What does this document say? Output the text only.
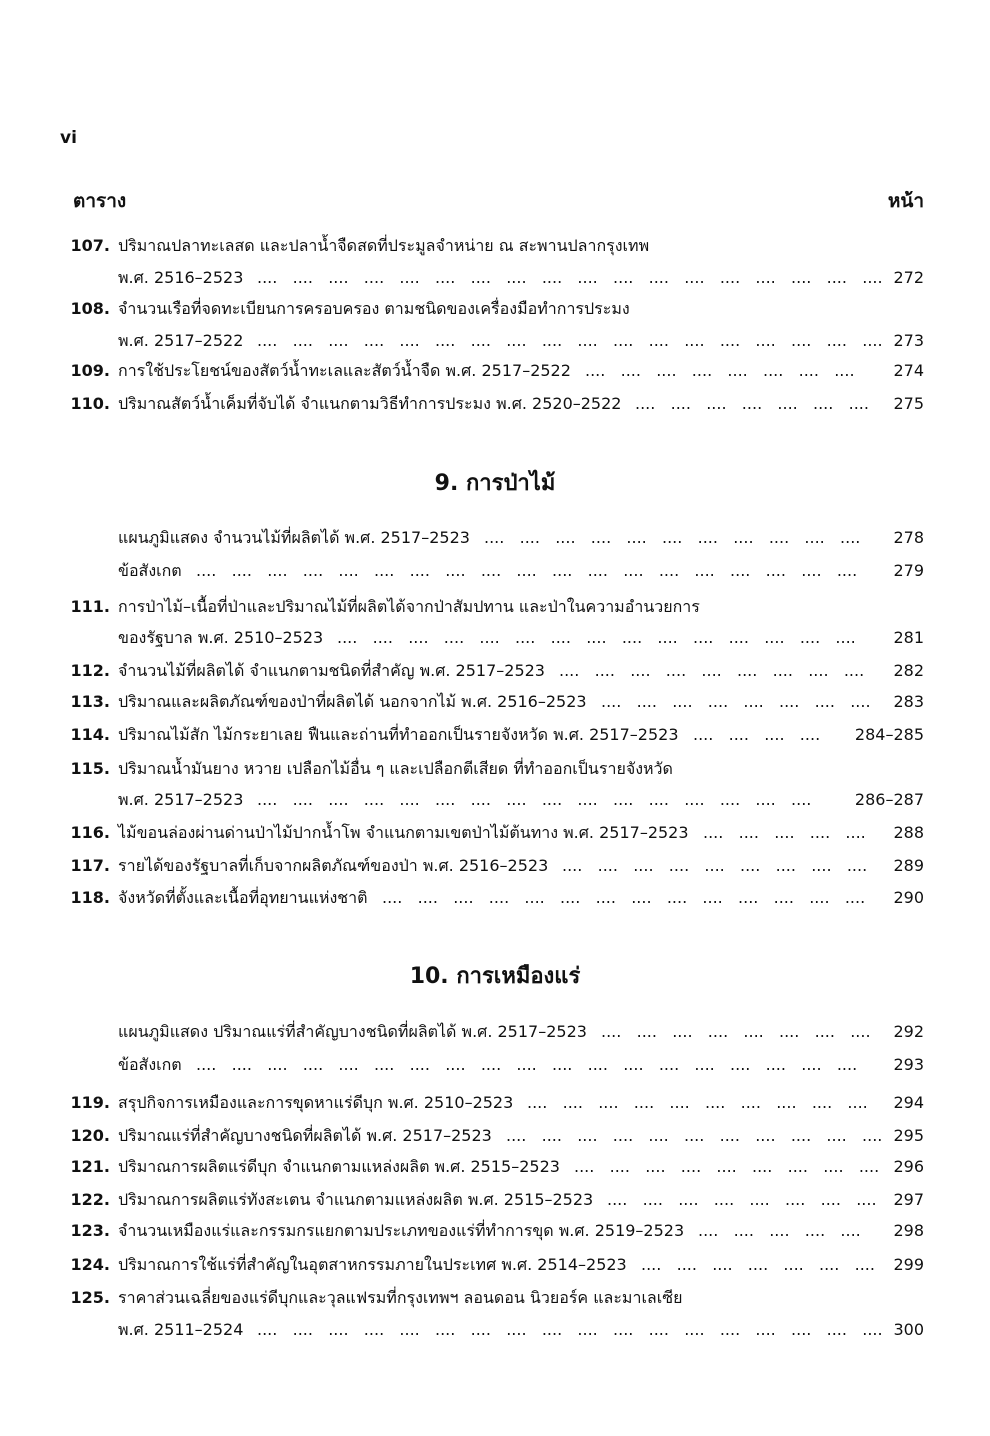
vi
ตาราง	หน้า
107. ปริมาณปลาทะเลสด และปลาน้ำจืดสดที่ประมูลจำหน่าย ณ สะพานปลากรุงเทพ
พ.ศ. 2516–2523 ....   ....   ....   ....   ....   ....   ....   ....   ....   ....   ....   ....   ....   ....   ....   ....   ....   .... 272
108. จำนวนเรือที่จดทะเบียนการครอบครอง ตามชนิดของเครื่องมือทำการประมง
พ.ศ. 2517–2522 ....   ....   ....   ....   ....   ....   ....   ....   ....   ....   ....   ....   ....   ....   ....   ....   ....   .... 273
109. การใช้ประโยชน์ของสัตว์น้ำทะเลและสัตว์น้ำจืด พ.ศ. 2517–2522 ....   ....   ....   ....   ....   ....   ....   .... 274
110. ปริมาณสัตว์น้ำเค็มที่จับได้ จำแนกตามวิธีทำการประมง พ.ศ. 2520–2522 ....   ....   ....   ....   ....   ....   .... 275
9. การป่าไม้
แผนภูมิแสดง จำนวนไม้ที่ผลิตได้ พ.ศ. 2517–2523 ....   ....   ....   ....   ....   ....   ....   ....   ....   ....   .... 278
ข้อสังเกต ....   ....   ....   ....   ....   ....   ....   ....   ....   ....   ....   ....   ....   ....   ....   ....   ....   ....   .... 279
111. การป่าไม้–เนื้อที่ป่าและปริมาณไม้ที่ผลิตได้จากป่าสัมปทาน และป่าในความอำนวยการ
ของรัฐบาล พ.ศ. 2510–2523 ....   ....   ....   ....   ....   ....   ....   ....   ....   ....   ....   ....   ....   ....   .... 281
112. จำนวนไม้ที่ผลิตได้ จำแนกตามชนิดที่สำคัญ พ.ศ. 2517–2523 ....   ....   ....   ....   ....   ....   ....   ....   .... 282
113. ปริมาณและผลิตภัณฑ์ของป่าที่ผลิตได้ นอกจากไม้ พ.ศ. 2516–2523 ....   ....   ....   ....   ....   ....   ....   .... 283
114. ปริมาณไม้สัก ไม้กระยาเลย ฟืนและถ่านที่ทำออกเป็นรายจังหวัด พ.ศ. 2517–2523 ....   ....   ....   .... 284–285
115. ปริมาณน้ำมันยาง หวาย เปลือกไม้อื่น ๆ และเปลือกตีเสียด ที่ทำออกเป็นรายจังหวัด
พ.ศ. 2517–2523 ....   ....   ....   ....   ....   ....   ....   ....   ....   ....   ....   ....   ....   ....   ....   ....	286–287
116. ไม้ขอนล่องผ่านด่านป่าไม้ปากน้ำโพ จำแนกตามเขตป่าไม้ต้นทาง พ.ศ. 2517–2523 ....   ....   ....   ....   .... 288
117. รายได้ของรัฐบาลที่เก็บจากผลิตภัณฑ์ของป่า พ.ศ. 2516–2523 ....   ....   ....   ....   ....   ....   ....   ....   .... 289
118. จังหวัดที่ตั้งและเนื้อที่อุทยานแห่งชาติ ....   ....   ....   ....   ....   ....   ....   ....   ....   ....   ....   ....   ....   .... 290
10. การเหมืองแร่
แผนภูมิแสดง ปริมาณแร่ที่สำคัญบางชนิดที่ผลิตได้ พ.ศ. 2517–2523 ....   ....   ....   ....   ....   ....   ....   .... 292
ข้อสังเกต ....   ....   ....   ....   ....   ....   ....   ....   ....   ....   ....   ....   ....   ....   ....   ....   ....   ....   .... 293
119. สรุปกิจการเหมืองและการขุดหาแร่ดีบุก พ.ศ. 2510–2523 ....   ....   ....   ....   ....   ....   ....   ....   ....   .... 294
120. ปริมาณแร่ที่สำคัญบางชนิดที่ผลิตได้ พ.ศ. 2517–2523 ....   ....   ....   ....   ....   ....   ....   ....   ....   ....   .... 295
121. ปริมาณการผลิตแร่ดีบุก จำแนกตามแหล่งผลิต พ.ศ. 2515–2523 ....   ....   ....   ....   ....   ....   ....   ....   .... 296
122. ปริมาณการผลิตแร่ทังสะเตน จำแนกตามแหล่งผลิต พ.ศ. 2515–2523 ....   ....   ....   ....   ....   ....   ....   .... 297
123. จำนวนเหมืองแร่และกรรมกรแยกตามประเภทของแร่ที่ทำการขุด พ.ศ. 2519–2523 ....   ....   ....   ....   .... 298
124. ปริมาณการใช้แร่ที่สำคัญในอุตสาหกรรมภายในประเทศ พ.ศ. 2514–2523 ....   ....   ....   ....   ....   ....   .... 299
125. ราคาส่วนเฉลี่ยของแร่ดีบุกและวุลแฟรมที่กรุงเทพฯ ลอนดอน นิวยอร์ค และมาเลเซีย
พ.ศ. 2511–2524 ....   ....   ....   ....   ....   ....   ....   ....   ....   ....   ....   ....   ....   ....   ....   ....   ....   .... 300
